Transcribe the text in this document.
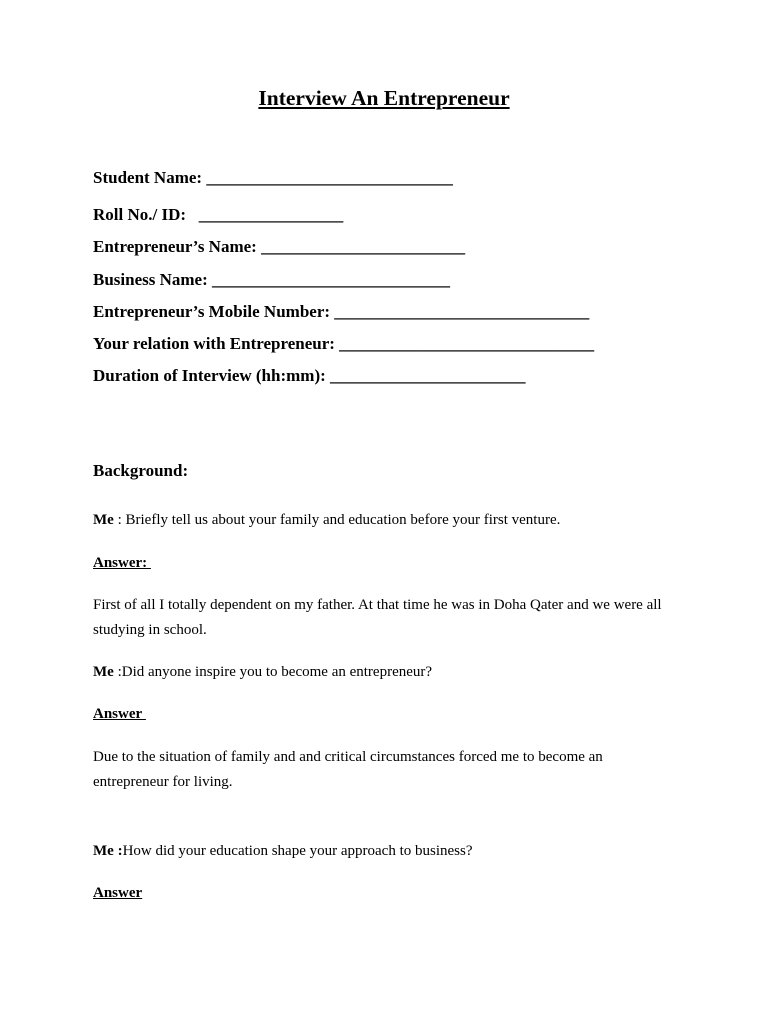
Interview An Entrepreneur
Student Name: _____________________________
Roll No./ ID:   _________________
Entrepreneur’s Name: ________________________
Business Name: ____________________________
Entrepreneur’s Mobile Number: ______________________________
Your relation with Entrepreneur: ______________________________
Duration of Interview (hh:mm): _______________________
Background:
Me : Briefly tell us about your family and education before your first venture.
Answer:
First of all I totally dependent on my father. At that time he was in Doha Qater and we were all studying in school.
Me :Did anyone inspire you to become an entrepreneur?
Answer
Due to the situation of family and and critical circumstances forced me to become an entrepreneur for living.
Me :How did your education shape your approach to business?
Answer
